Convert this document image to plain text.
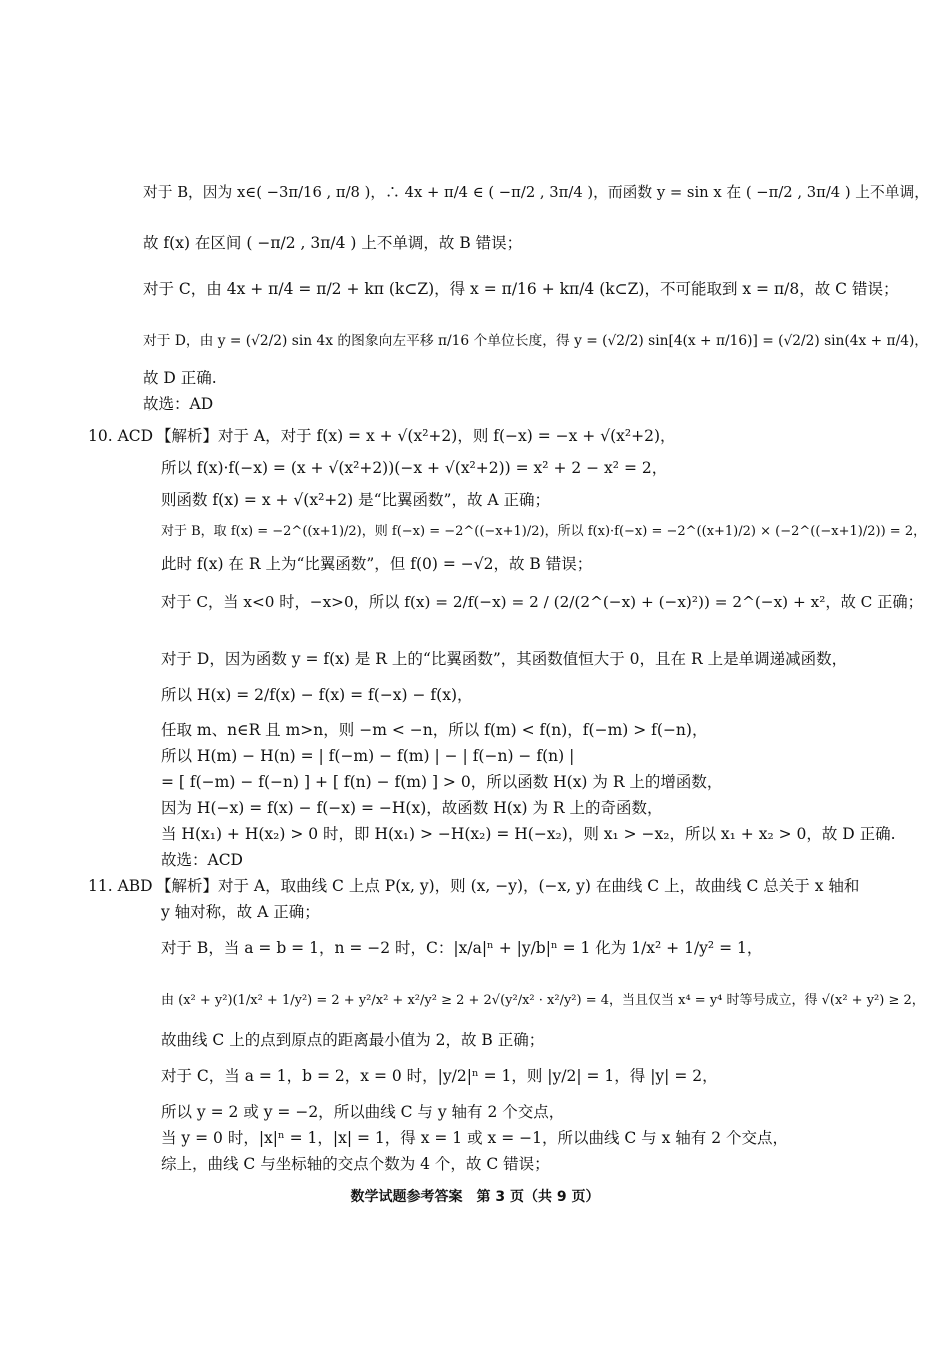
对于 B，因为 x∈( −3π/16 , π/8 )，∴ 4x + π/4 ∈ ( −π/2 , 3π/4 )，而函数 y = sin x 在 ( −π/2 , 3π/4 ) 上不单调，
故 f(x) 在区间 ( −π/2 , 3π/4 ) 上不单调，故 B 错误；
对于 C，由 4x + π/4 = π/2 + kπ (k⊂Z)，得 x = π/16 + kπ/4 (k⊂Z)，不可能取到 x = π/8，故 C 错误；
对于 D，由 y = (√2/2) sin 4x 的图象向左平移 π/16 个单位长度，得 y = (√2/2) sin[4(x + π/16)] = (√2/2) sin(4x + π/4)，
故 D 正确.
故选：AD
10. ACD 【解析】对于 A，对于 f(x) = x + √(x²+2)，则 f(−x) = −x + √(x²+2)，
所以 f(x)·f(−x) = (x + √(x²+2))(−x + √(x²+2)) = x² + 2 − x² = 2，
则函数 f(x) = x + √(x²+2) 是“比翼函数”，故 A 正确；
对于 B，取 f(x) = −2^((x+1)/2)，则 f(−x) = −2^((−x+1)/2)，所以 f(x)·f(−x) = −2^((x+1)/2) × (−2^((−x+1)/2)) = 2，
此时 f(x) 在 R 上为“比翼函数”，但 f(0) = −√2，故 B 错误；
对于 C，当 x<0 时，−x>0，所以 f(x) = 2/f(−x) = 2 / (2/(2^(−x) + (−x)²)) = 2^(−x) + x²，故 C 正确；
对于 D，因为函数 y = f(x) 是 R 上的“比翼函数”，其函数值恒大于 0，且在 R 上是单调递减函数，
所以 H(x) = 2/f(x) − f(x) = f(−x) − f(x)，
任取 m、n∈R 且 m>n，则 −m < −n，所以 f(m) < f(n)，f(−m) > f(−n)，
所以 H(m) − H(n) = | f(−m) − f(m) | − | f(−n) − f(n) |
= [ f(−m) − f(−n) ] + [ f(n) − f(m) ] > 0，所以函数 H(x) 为 R 上的增函数，
因为 H(−x) = f(x) − f(−x) = −H(x)，故函数 H(x) 为 R 上的奇函数，
当 H(x₁) + H(x₂) > 0 时，即 H(x₁) > −H(x₂) = H(−x₂)，则 x₁ > −x₂，所以 x₁ + x₂ > 0，故 D 正确.
故选：ACD
11. ABD 【解析】对于 A，取曲线 C 上点 P(x, y)，则 (x, −y)，(−x, y) 在曲线 C 上，故曲线 C 总关于 x 轴和
y 轴对称，故 A 正确；
对于 B，当 a = b = 1，n = −2 时，C：|x/a|ⁿ + |y/b|ⁿ = 1 化为 1/x² + 1/y² = 1，
由 (x² + y²)(1/x² + 1/y²) = 2 + y²/x² + x²/y² ≥ 2 + 2√(y²/x² · x²/y²) = 4，当且仅当 x⁴ = y⁴ 时等号成立，得 √(x² + y²) ≥ 2，
故曲线 C 上的点到原点的距离最小值为 2，故 B 正确；
对于 C，当 a = 1，b = 2，x = 0 时，|y/2|ⁿ = 1，则 |y/2| = 1，得 |y| = 2，
所以 y = 2 或 y = −2，所以曲线 C 与 y 轴有 2 个交点，
当 y = 0 时，|x|ⁿ = 1，|x| = 1，得 x = 1 或 x = −1，所以曲线 C 与 x 轴有 2 个交点，
综上，曲线 C 与坐标轴的交点个数为 4 个，故 C 错误；
数学试题参考答案　第 3 页（共 9 页）
